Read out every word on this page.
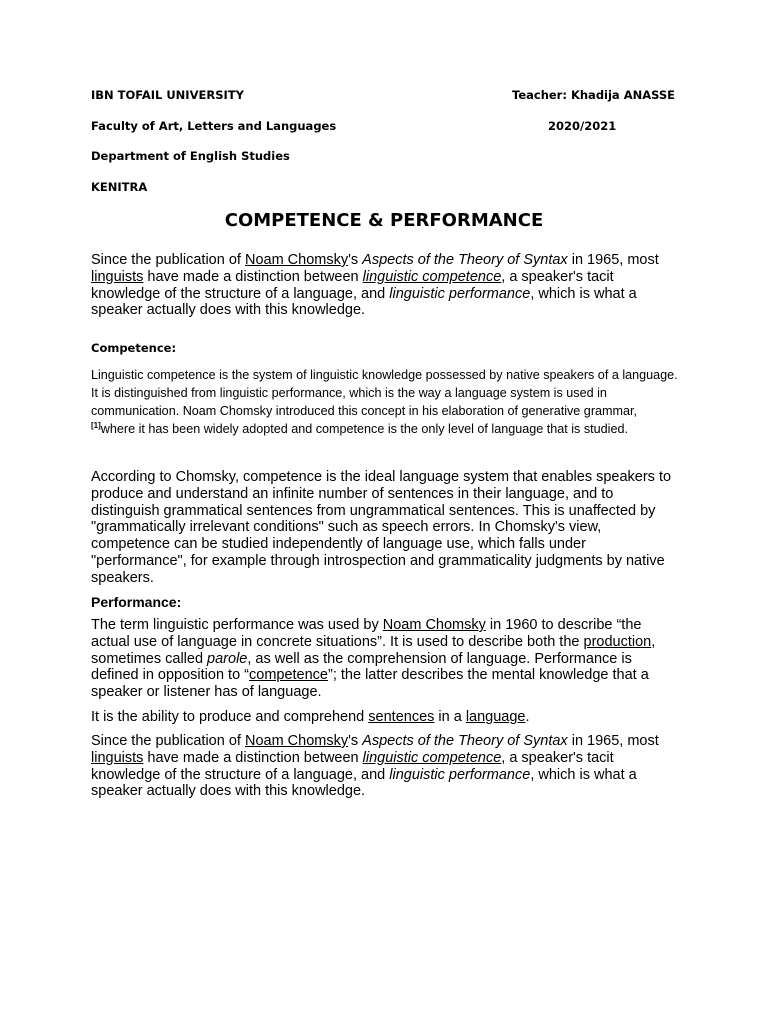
IBN TOFAIL UNIVERSITY	Teacher: Khadija ANASSE
Faculty of Art, Letters and Languages	2020/2021
Department of English Studies
KENITRA
COMPETENCE & PERFORMANCE
Since the publication of Noam Chomsky's Aspects of the Theory of Syntax in 1965, most linguists have made a distinction between linguistic competence, a speaker's tacit knowledge of the structure of a language, and linguistic performance, which is what a speaker actually does with this knowledge.
Competence:
Linguistic competence is the system of linguistic knowledge possessed by native speakers of a language. It is distinguished from linguistic performance, which is the way a language system is used in communication. Noam Chomsky introduced this concept in his elaboration of generative grammar,[1]where it has been widely adopted and competence is the only level of language that is studied.
According to Chomsky, competence is the ideal language system that enables speakers to produce and understand an infinite number of sentences in their language, and to distinguish grammatical sentences from ungrammatical sentences. This is unaffected by "grammatically irrelevant conditions" such as speech errors. In Chomsky's view, competence can be studied independently of language use, which falls under "performance", for example through introspection and grammaticality judgments by native speakers.
Performance:
The term linguistic performance was used by Noam Chomsky in 1960 to describe “the actual use of language in concrete situations”. It is used to describe both the production, sometimes called parole, as well as the comprehension of language. Performance is defined in opposition to “competence”; the latter describes the mental knowledge that a speaker or listener has of language.
It is the ability to produce and comprehend sentences in a language.
Since the publication of Noam Chomsky's Aspects of the Theory of Syntax in 1965, most linguists have made a distinction between linguistic competence, a speaker's tacit knowledge of the structure of a language, and linguistic performance, which is what a speaker actually does with this knowledge.
